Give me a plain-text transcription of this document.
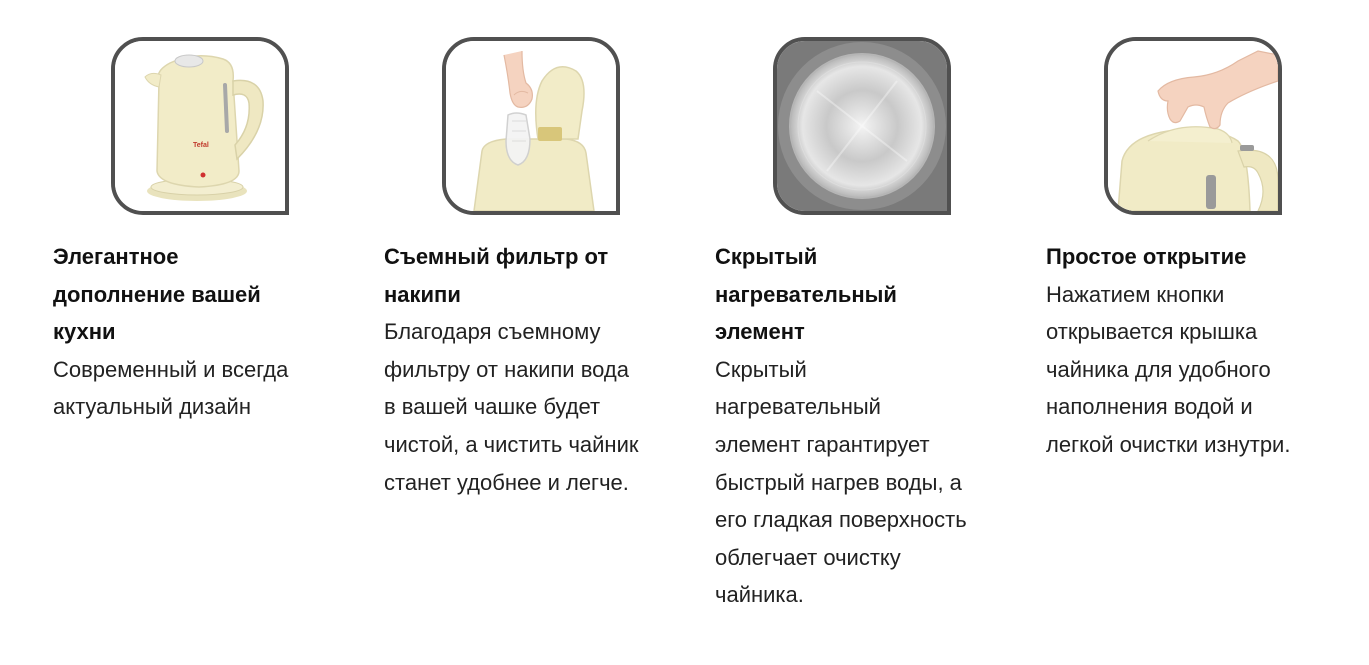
Tefal

Элегантное
дополнение вашей
кухни

Современный и всегда
актуальный дизайн

Съемный фильтр от
накипи

Благодаря съемному
фильтру от накипи вода
в вашей чашке будет
чистой, а чистить чайник
станет удобнее и легче.

Скрытый
нагревательный
элемент

Скрытый
нагревательный
элемент гарантирует
быстрый нагрев воды, а
его гладкая поверхность
облегчает очистку
чайника.

Простое открытие

Нажатием кнопки
открывается крышка
чайника для удобного
наполнения водой и
легкой очистки изнутри.
